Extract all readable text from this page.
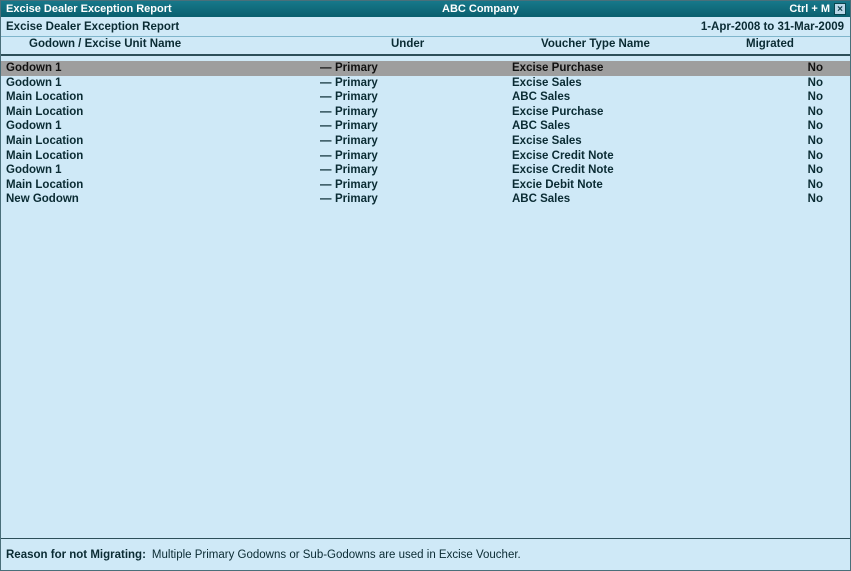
Excise Dealer Exception Report	ABC Company	Ctrl + M ×
Excise Dealer Exception Report	1-Apr-2008 to 31-Mar-2009
Godown / Excise Unit Name	Under	Voucher Type Name	Migrated
Godown 1	— Primary	Excise Purchase	No
Godown 1	— Primary	Excise Sales	No
Main Location	— Primary	ABC Sales	No
Main Location	— Primary	Excise Purchase	No
Godown 1	— Primary	ABC Sales	No
Main Location	— Primary	Excise Sales	No
Main Location	— Primary	Excise Credit Note	No
Godown 1	— Primary	Excise Credit Note	No
Main Location	— Primary	Excie Debit Note	No
New Godown	— Primary	ABC Sales	No
Reason for not Migrating: Multiple Primary Godowns or Sub-Godowns are used in Excise Voucher.
